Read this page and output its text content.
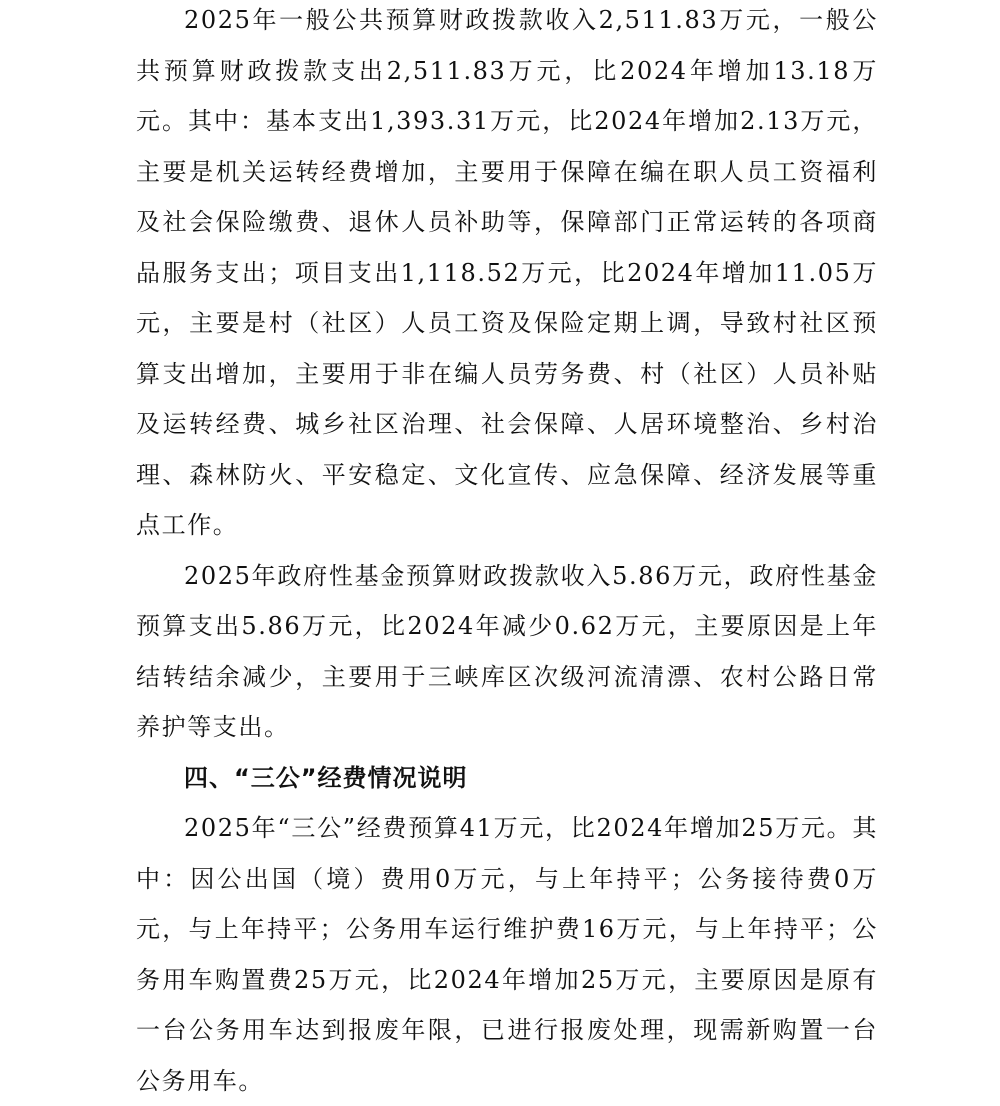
2025年一般公共预算财政拨款收入2,511.83万元，一般公共预算财政拨款支出2,511.83万元，比2024年增加13.18万元。其中：基本支出1,393.31万元，比2024年增加2.13万元，主要是机关运转经费增加，主要用于保障在编在职人员工资福利及社会保险缴费、退休人员补助等，保障部门正常运转的各项商品服务支出；项目支出1,118.52万元，比2024年增加11.05万元，主要是村（社区）人员工资及保险定期上调，导致村社区预算支出增加，主要用于非在编人员劳务费、村（社区）人员补贴及运转经费、城乡社区治理、社会保障、人居环境整治、乡村治理、森林防火、平安稳定、文化宣传、应急保障、经济发展等重点工作。

2025年政府性基金预算财政拨款收入5.86万元，政府性基金预算支出5.86万元，比2024年减少0.62万元，主要原因是上年结转结余减少，主要用于三峡库区次级河流清漂、农村公路日常养护等支出。

四、“三公”经费情况说明

2025年“三公”经费预算41万元，比2024年增加25万元。其中：因公出国（境）费用0万元，与上年持平；公务接待费0万元，与上年持平；公务用车运行维护费16万元，与上年持平；公务用车购置费25万元，比2024年增加25万元，主要原因是原有一台公务用车达到报废年限，已进行报废处理，现需新购置一台公务用车。
